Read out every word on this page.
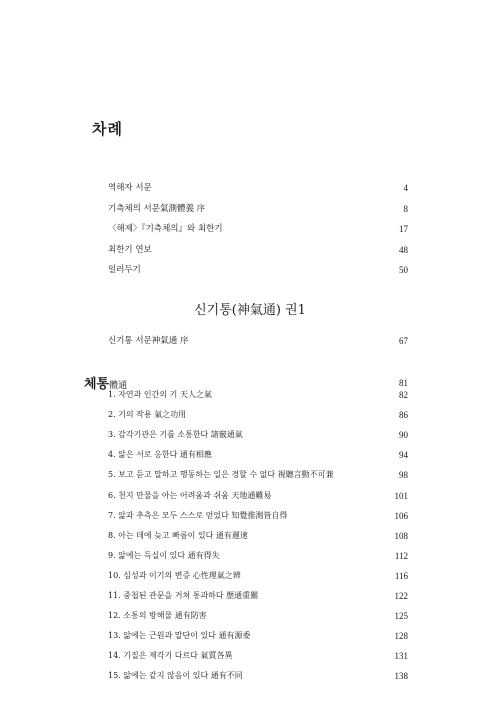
차례
역해자 서문	4
기측체의 서문氣測體義 序	8
〈해제〉『기측체의』와 최한기	17
최한기 연보	48
일러두기	50
신기통(神氣通) 권1
신기통 서문神氣通 序	67
체통體通	81
1. 자연과 인간의 기 天人之氣	82
2. 기의 작용 氣之功用	86
3. 감각기관은 기를 소통한다 諸竅通氣	90
4. 앎은 서로 응한다 通有相應	94
5. 보고 듣고 말하고 행동하는 일은 경할 수 없다 視聽言動不可兼	98
6. 천지 만물을 아는 어려움과 쉬움 天地通難易	101
7. 앎과 추측은 모두 스스로 얻었다 知覺推測皆自得	106
8. 아는 데에 늦고 빠름이 있다 通有遲速	108
9. 앎에는 득실이 있다 通有得失	112
10. 심성과 이기의 변증 心性理氣之辨	116
11. 중첩된 관문을 거쳐 통과하다 歷通重關	122
12. 소통의 방해물 通有防害	125
13. 앎에는 근원과 말단이 있다 通有源委	128
14. 기질은 제각기 다르다 氣質各異	131
15. 앎에는 같지 않음이 있다 通有不同	138
